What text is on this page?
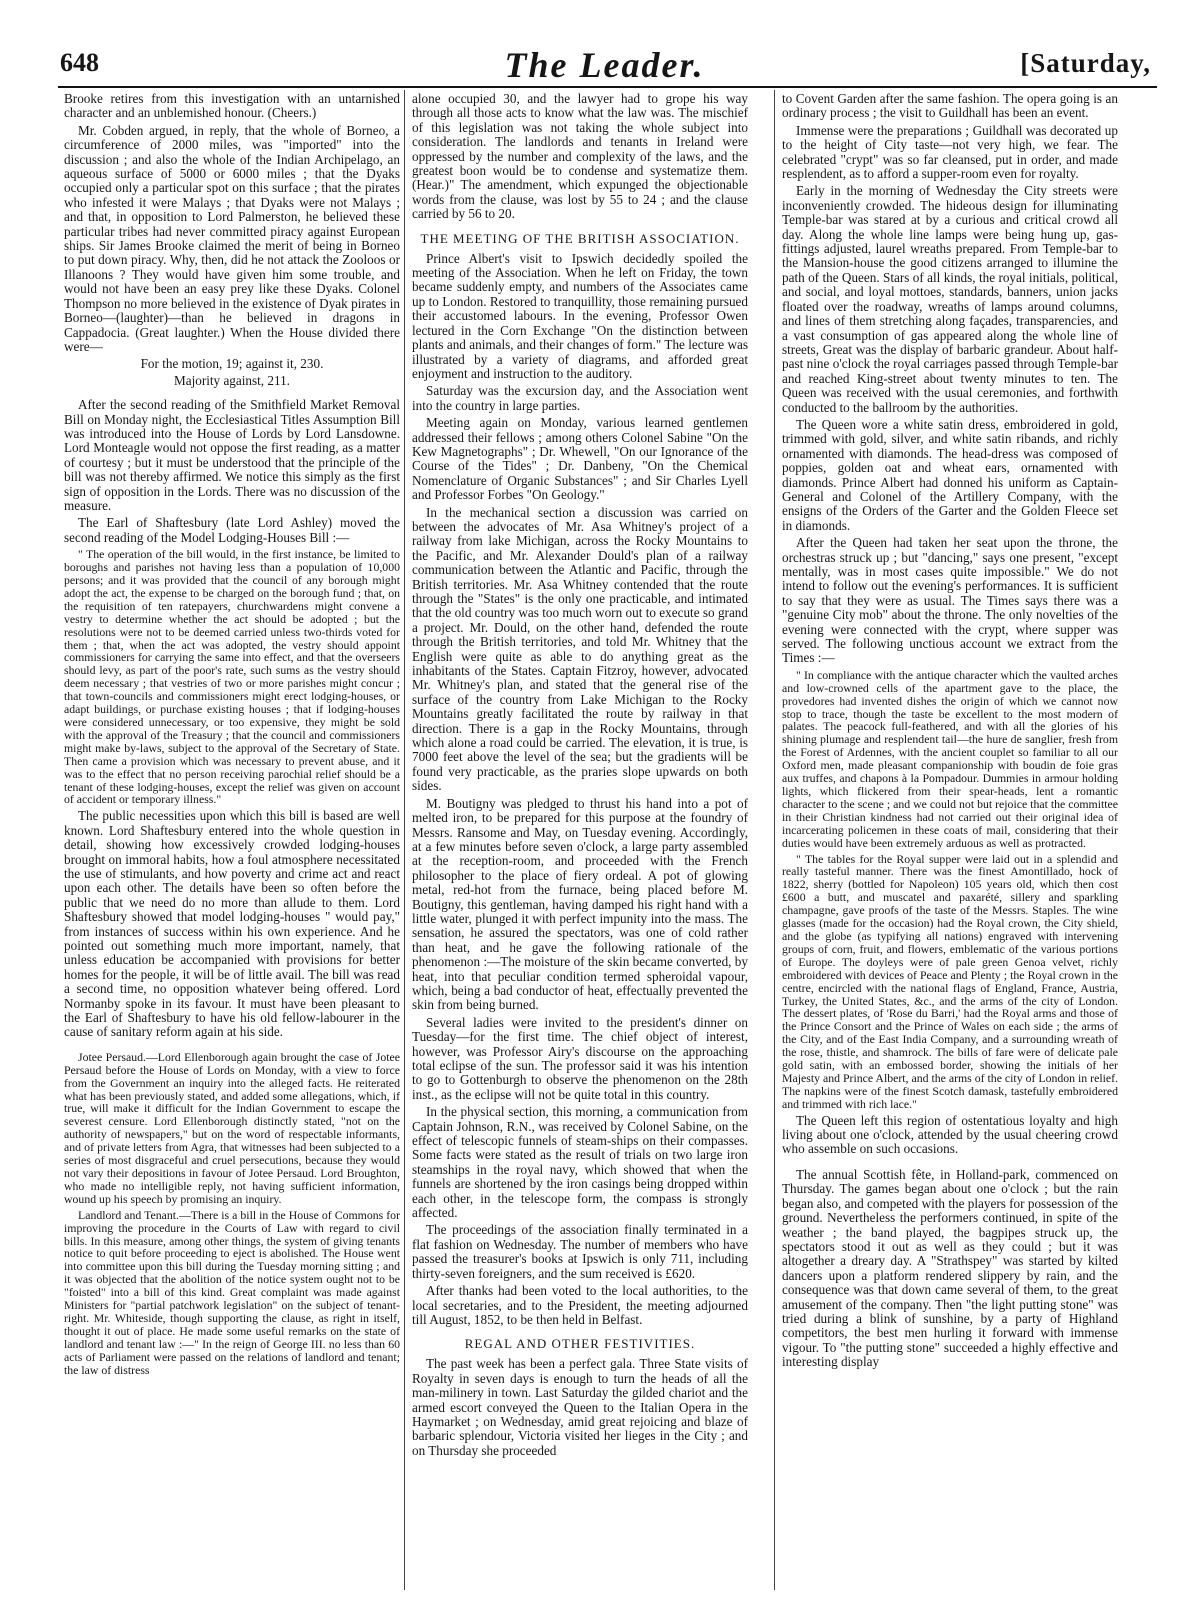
648	The Leader.	[Saturday,

Brooke retires from this investigation with an untarnished character and an unblemished honour. (Cheers.)

Mr. Cobden argued, in reply, that the whole of Borneo, a circumference of 2000 miles, was "imported" into the discussion ; and also the whole of the Indian Archipelago, an aqueous surface of 5000 or 6000 miles ; that the Dyaks occupied only a particular spot on this surface ; that the pirates who infested it were Malays ; that Dyaks were not Malays ; and that, in opposition to Lord Palmerston, he believed these particular tribes had never committed piracy against European ships. Sir James Brooke claimed the merit of being in Borneo to put down piracy. Why, then, did he not attack the Zooloos or Illanoons ? They would have given him some trouble, and would not have been an easy prey like these Dyaks. Colonel Thompson no more believed in the existence of Dyak pirates in Borneo—(laughter)—than he believed in dragons in Cappadocia. (Great laughter.) When the House divided there were—

For the motion, 19; against it, 230.

Majority against, 211.

After the second reading of the Smithfield Market Removal Bill on Monday night, the Ecclesiastical Titles Assumption Bill was introduced into the House of Lords by Lord Lansdowne. Lord Monteagle would not oppose the first reading, as a matter of courtesy ; but it must be understood that the principle of the bill was not thereby affirmed. We notice this simply as the first sign of opposition in the Lords. There was no discussion of the measure.

The Earl of Shaftesbury (late Lord Ashley) moved the second reading of the Model Lodging-Houses Bill :—

" The operation of the bill would, in the first instance, be limited to boroughs and parishes not having less than a population of 10,000 persons; and it was provided that the council of any borough might adopt the act, the expense to be charged on the borough fund ; that, on the requisition of ten ratepayers, churchwardens might convene a vestry to determine whether the act should be adopted ; but the resolutions were not to be deemed carried unless two-thirds voted for them ; that, when the act was adopted, the vestry should appoint commissioners for carrying the same into effect, and that the overseers should levy, as part of the poor's rate, such sums as the vestry should deem necessary ; that vestries of two or more parishes might concur ; that town-councils and commissioners might erect lodging-houses, or adapt buildings, or purchase existing houses ; that if lodging-houses were considered unnecessary, or too expensive, they might be sold with the approval of the Treasury ; that the council and commissioners might make by-laws, subject to the approval of the Secretary of State. Then came a provision which was necessary to prevent abuse, and it was to the effect that no person receiving parochial relief should be a tenant of these lodging-houses, except the relief was given on account of accident or temporary illness."

The public necessities upon which this bill is based are well known. Lord Shaftesbury entered into the whole question in detail, showing how excessively crowded lodging-houses brought on immoral habits, how a foul atmosphere necessitated the use of stimulants, and how poverty and crime act and react upon each other. The details have been so often before the public that we need do no more than allude to them. Lord Shaftesbury showed that model lodging-houses " would pay," from instances of success within his own experience. And he pointed out something much more important, namely, that unless education be accompanied with provisions for better homes for the people, it will be of little avail. The bill was read a second time, no opposition whatever being offered. Lord Normanby spoke in its favour. It must have been pleasant to the Earl of Shaftesbury to have his old fellow-labourer in the cause of sanitary reform again at his side.

Jotee Persaud.—Lord Ellenborough again brought the case of Jotee Persaud before the House of Lords on Monday, with a view to force from the Government an inquiry into the alleged facts. He reiterated what has been previously stated, and added some allegations, which, if true, will make it difficult for the Indian Government to escape the severest censure. Lord Ellenborough distinctly stated, "not on the authority of newspapers," but on the word of respectable informants, and of private letters from Agra, that witnesses had been subjected to a series of most disgraceful and cruel persecutions, because they would not vary their depositions in favour of Jotee Persaud. Lord Broughton, who made no intelligible reply, not having sufficient information, wound up his speech by promising an inquiry.

Landlord and Tenant.—There is a bill in the House of Commons for improving the procedure in the Courts of Law with regard to civil bills. In this measure, among other things, the system of giving tenants notice to quit before proceeding to eject is abolished. The House went into committee upon this bill during the Tuesday morning sitting ; and it was objected that the abolition of the notice system ought not to be "foisted" into a bill of this kind. Great complaint was made against Ministers for "partial patchwork legislation" on the subject of tenant-right. Mr. Whiteside, though supporting the clause, as right in itself, thought it out of place. He made some useful remarks on the state of landlord and tenant law :—" In the reign of George III. no less than 60 acts of Parliament were passed on the relations of landlord and tenant; the law of distress

alone occupied 30, and the lawyer had to grope his way through all those acts to know what the law was. The mischief of this legislation was not taking the whole subject into consideration. The landlords and tenants in Ireland were oppressed by the number and complexity of the laws, and the greatest boon would be to condense and systematize them. (Hear.)" The amendment, which expunged the objectionable words from the clause, was lost by 55 to 24 ; and the clause carried by 56 to 20.

THE MEETING OF THE BRITISH ASSOCIATION.

Prince Albert's visit to Ipswich decidedly spoiled the meeting of the Association. When he left on Friday, the town became suddenly empty, and numbers of the Associates came up to London. Restored to tranquillity, those remaining pursued their accustomed labours. In the evening, Professor Owen lectured in the Corn Exchange "On the distinction between plants and animals, and their changes of form." The lecture was illustrated by a variety of diagrams, and afforded great enjoyment and instruction to the auditory.

Saturday was the excursion day, and the Association went into the country in large parties.

Meeting again on Monday, various learned gentlemen addressed their fellows ; among others Colonel Sabine "On the Kew Magnetographs" ; Dr. Whewell, "On our Ignorance of the Course of the Tides" ; Dr. Danbeny, "On the Chemical Nomenclature of Organic Substances" ; and Sir Charles Lyell and Professor Forbes "On Geology."

In the mechanical section a discussion was carried on between the advocates of Mr. Asa Whitney's project of a railway from lake Michigan, across the Rocky Mountains to the Pacific, and Mr. Alexander Dould's plan of a railway communication between the Atlantic and Pacific, through the British territories. Mr. Asa Whitney contended that the route through the "States" is the only one practicable, and intimated that the old country was too much worn out to execute so grand a project. Mr. Dould, on the other hand, defended the route through the British territories, and told Mr. Whitney that the English were quite as able to do anything great as the inhabitants of the States. Captain Fitzroy, however, advocated Mr. Whitney's plan, and stated that the general rise of the surface of the country from Lake Michigan to the Rocky Mountains greatly facilitated the route by railway in that direction. There is a gap in the Rocky Mountains, through which alone a road could be carried. The elevation, it is true, is 7000 feet above the level of the sea; but the gradients will be found very practicable, as the praries slope upwards on both sides.

M. Boutigny was pledged to thrust his hand into a pot of melted iron, to be prepared for this purpose at the foundry of Messrs. Ransome and May, on Tuesday evening. Accordingly, at a few minutes before seven o'clock, a large party assembled at the reception-room, and proceeded with the French philosopher to the place of fiery ordeal. A pot of glowing metal, red-hot from the furnace, being placed before M. Boutigny, this gentleman, having damped his right hand with a little water, plunged it with perfect impunity into the mass. The sensation, he assured the spectators, was one of cold rather than heat, and he gave the following rationale of the phenomenon :—The moisture of the skin became converted, by heat, into that peculiar condition termed spheroidal vapour, which, being a bad conductor of heat, effectually prevented the skin from being burned.

Several ladies were invited to the president's dinner on Tuesday—for the first time. The chief object of interest, however, was Professor Airy's discourse on the approaching total eclipse of the sun. The professor said it was his intention to go to Gottenburgh to observe the phenomenon on the 28th inst., as the eclipse will not be quite total in this country.

In the physical section, this morning, a communication from Captain Johnson, R.N., was received by Colonel Sabine, on the effect of telescopic funnels of steam-ships on their compasses. Some facts were stated as the result of trials on two large iron steamships in the royal navy, which showed that when the funnels are shortened by the iron casings being dropped within each other, in the telescope form, the compass is strongly affected.

The proceedings of the association finally terminated in a flat fashion on Wednesday. The number of members who have passed the treasurer's books at Ipswich is only 711, including thirty-seven foreigners, and the sum received is £620.

After thanks had been voted to the local authorities, to the local secretaries, and to the President, the meeting adjourned till August, 1852, to be then held in Belfast.

REGAL AND OTHER FESTIVITIES.

The past week has been a perfect gala. Three State visits of Royalty in seven days is enough to turn the heads of all the man-milinery in town. Last Saturday the gilded chariot and the armed escort conveyed the Queen to the Italian Opera in the Haymarket ; on Wednesday, amid great rejoicing and blaze of barbaric splendour, Victoria visited her lieges in the City ; and on Thursday she proceeded

to Covent Garden after the same fashion. The opera going is an ordinary process ; the visit to Guildhall has been an event.

Immense were the preparations ; Guildhall was decorated up to the height of City taste—not very high, we fear. The celebrated "crypt" was so far cleansed, put in order, and made resplendent, as to afford a supper-room even for royalty.

Early in the morning of Wednesday the City streets were inconveniently crowded. The hideous design for illuminating Temple-bar was stared at by a curious and critical crowd all day. Along the whole line lamps were being hung up, gas-fittings adjusted, laurel wreaths prepared. From Temple-bar to the Mansion-house the good citizens arranged to illumine the path of the Queen. Stars of all kinds, the royal initials, political, and social, and loyal mottoes, standards, banners, union jacks floated over the roadway, wreaths of lamps around columns, and lines of them stretching along façades, transparencies, and a vast consumption of gas appeared along the whole line of streets, Great was the display of barbaric grandeur. About half-past nine o'clock the royal carriages passed through Temple-bar and reached King-street about twenty minutes to ten. The Queen was received with the usual ceremonies, and forthwith conducted to the ballroom by the authorities.

The Queen wore a white satin dress, embroidered in gold, trimmed with gold, silver, and white satin ribands, and richly ornamented with diamonds. The head-dress was composed of poppies, golden oat and wheat ears, ornamented with diamonds. Prince Albert had donned his uniform as Captain-General and Colonel of the Artillery Company, with the ensigns of the Orders of the Garter and the Golden Fleece set in diamonds.

After the Queen had taken her seat upon the throne, the orchestras struck up ; but "dancing," says one present, "except mentally, was in most cases quite impossible." We do not intend to follow out the evening's performances. It is sufficient to say that they were as usual. The Times says there was a "genuine City mob" about the throne. The only novelties of the evening were connected with the crypt, where supper was served. The following unctious account we extract from the Times :—

" In compliance with the antique character which the vaulted arches and low-crowned cells of the apartment gave to the place, the provedores had invented dishes the origin of which we cannot now stop to trace, though the taste be excellent to the most modern of palates. The peacock full-feathered, and with all the glories of his shining plumage and resplendent tail—the hure de sanglier, fresh from the Forest of Ardennes, with the ancient couplet so familiar to all our Oxford men, made pleasant companionship with boudin de foie gras aux truffes, and chapons à la Pompadour. Dummies in armour holding lights, which flickered from their spear-heads, lent a romantic character to the scene ; and we could not but rejoice that the committee in their Christian kindness had not carried out their original idea of incarcerating policemen in these coats of mail, considering that their duties would have been extremely arduous as well as protracted.

" The tables for the Royal supper were laid out in a splendid and really tasteful manner. There was the finest Amontillado, hock of 1822, sherry (bottled for Napoleon) 105 years old, which then cost £600 a butt, and muscatel and paxarété, sillery and sparkling champagne, gave proofs of the taste of the Messrs. Staples. The wine glasses (made for the occasion) had the Royal crown, the City shield, and the globe (as typifying all nations) engraved with intervening groups of corn, fruit, and flowers, emblematic of the various portions of Europe. The doyleys were of pale green Genoa velvet, richly embroidered with devices of Peace and Plenty ; the Royal crown in the centre, encircled with the national flags of England, France, Austria, Turkey, the United States, &c., and the arms of the city of London. The dessert plates, of 'Rose du Barri,' had the Royal arms and those of the Prince Consort and the Prince of Wales on each side ; the arms of the City, and of the East India Company, and a surrounding wreath of the rose, thistle, and shamrock. The bills of fare were of delicate pale gold satin, with an embossed border, showing the initials of her Majesty and Prince Albert, and the arms of the city of London in relief. The napkins were of the finest Scotch damask, tastefully embroidered and trimmed with rich lace."

The Queen left this region of ostentatious loyalty and high living about one o'clock, attended by the usual cheering crowd who assemble on such occasions.

The annual Scottish fête, in Holland-park, commenced on Thursday. The games began about one o'clock ; but the rain began also, and competed with the players for possession of the ground. Nevertheless the performers continued, in spite of the weather ; the band played, the bagpipes struck up, the spectators stood it out as well as they could ; but it was altogether a dreary day. A "Strathspey" was started by kilted dancers upon a platform rendered slippery by rain, and the consequence was that down came several of them, to the great amusement of the company. Then "the light putting stone" was tried during a blink of sunshine, by a party of Highland competitors, the best men hurling it forward with immense vigour. To "the putting stone" succeeded a highly effective and interesting display
